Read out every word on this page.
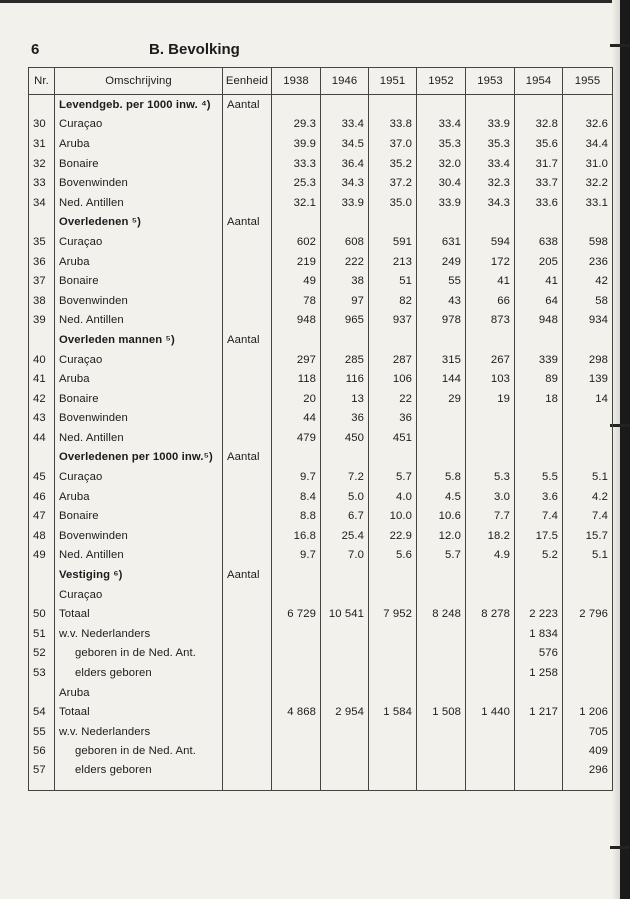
6	B. Bevolking
Nr.	Omschrijving	Eenheid	1938	1946	1951	1952	1953	1954	1955
	Levendgeb. per 1000 inw. ⁴)	Aantal							
30	Curaçao		29.3	33.4	33.8	33.4	33.9	32.8	32.6
31	Aruba		39.9	34.5	37.0	35.3	35.3	35.6	34.4
32	Bonaire		33.3	36.4	35.2	32.0	33.4	31.7	31.0
33	Bovenwinden		25.3	34.3	37.2	30.4	32.3	33.7	32.2
34	Ned. Antillen		32.1	33.9	35.0	33.9	34.3	33.6	33.1
	Overledenen ⁵)	Aantal							
35	Curaçao		602	608	591	631	594	638	598
36	Aruba		219	222	213	249	172	205	236
37	Bonaire		49	38	51	55	41	41	42
38	Bovenwinden		78	97	82	43	66	64	58
39	Ned. Antillen		948	965	937	978	873	948	934
	Overleden mannen ⁵)	Aantal							
40	Curaçao		297	285	287	315	267	339	298
41	Aruba		118	116	106	144	103	89	139
42	Bonaire		20	13	22	29	19	18	14
43	Bovenwinden		44	36	36				
44	Ned. Antillen		479	450	451				
	Overledenen per 1000 inw.⁵)	Aantal							
45	Curaçao		9.7	7.2	5.7	5.8	5.3	5.5	5.1
46	Aruba		8.4	5.0	4.0	4.5	3.0	3.6	4.2
47	Bonaire		8.8	6.7	10.0	10.6	7.7	7.4	7.4
48	Bovenwinden		16.8	25.4	22.9	12.0	18.2	17.5	15.7
49	Ned. Antillen		9.7	7.0	5.6	5.7	4.9	5.2	5.1
	Vestiging ⁶)	Aantal							
	Curaçao								
50	Totaal		6 729	10 541	7 952	8 248	8 278	2 223	2 796
51	w.v. Nederlanders							1 834	
52	geboren in de Ned. Ant.							576	
53	elders geboren							1 258	
	Aruba								
54	Totaal		4 868	2 954	1 584	1 508	1 440	1 217	1 206
55	w.v. Nederlanders								705
56	geboren in de Ned. Ant.								409
57	elders geboren								296
